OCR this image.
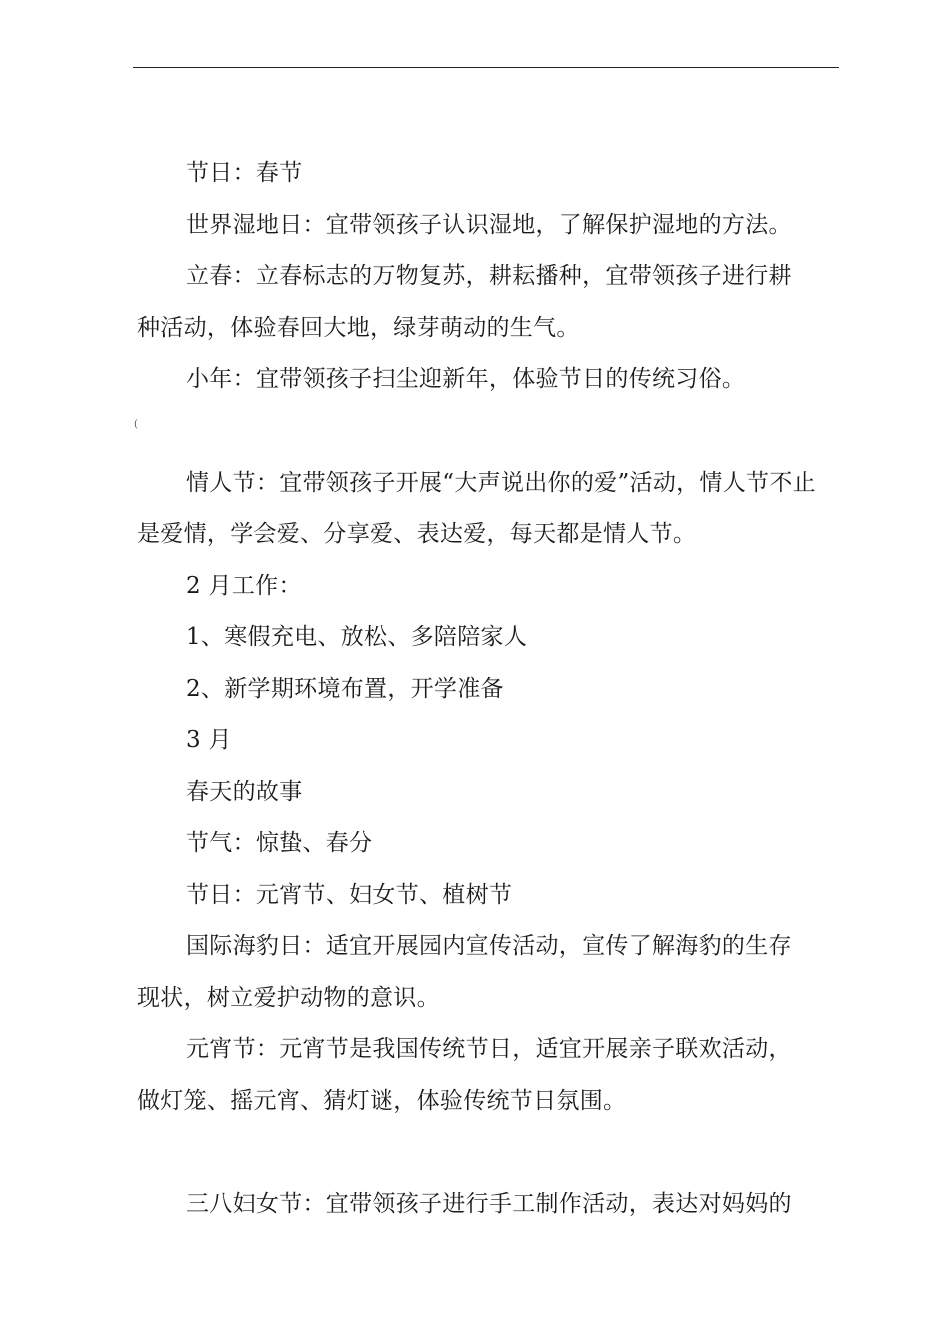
节日：春节

世界湿地日：宜带领孩子认识湿地，了解保护湿地的方法。

立春：立春标志的万物复苏，耕耘播种，宜带领孩子进行耕

种活动，体验春回大地，绿芽萌动的生气。

小年：宜带领孩子扫尘迎新年，体验节日的传统习俗。

(

情人节：宜带领孩子开展“大声说出你的爱”活动，情人节不止

是爱情，学会爱、分享爱、表达爱，每天都是情人节。

2 月工作：

1、寒假充电、放松、多陪陪家人

2、新学期环境布置，开学准备

3 月

春天的故事

节气：惊蛰、春分

节日：元宵节、妇女节、植树节

国际海豹日：适宜开展园内宣传活动，宣传了解海豹的生存

现状，树立爱护动物的意识。

元宵节：元宵节是我国传统节日，适宜开展亲子联欢活动，

做灯笼、摇元宵、猜灯谜，体验传统节日氛围。

三八妇女节：宜带领孩子进行手工制作活动，表达对妈妈的
